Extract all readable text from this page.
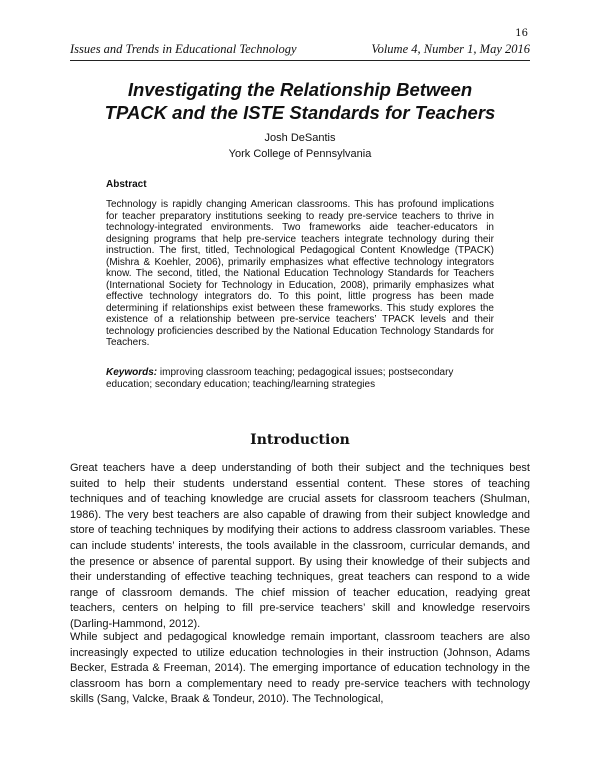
16
Issues and Trends in Educational Technology	Volume 4, Number 1, May 2016
Investigating the Relationship Between
TPACK and the ISTE Standards for Teachers
Josh DeSantis
York College of Pennsylvania
Abstract

Technology is rapidly changing American classrooms. This has profound implications for teacher preparatory institutions seeking to ready pre-service teachers to thrive in technology-integrated environments. Two frameworks aide teacher-educators in designing programs that help pre-service teachers integrate technology during their instruction. The first, titled, Technological Pedagogical Content Knowledge (TPACK) (Mishra & Koehler, 2006), primarily emphasizes what effective technology integrators know. The second, titled, the National Education Technology Standards for Teachers (International Society for Technology in Education, 2008), primarily emphasizes what effective technology integrators do. To this point, little progress has been made determining if relationships exist between these frameworks. This study explores the existence of a relationship between pre-service teachers’ TPACK levels and their technology proficiencies described by the National Education Technology Standards for Teachers.

Keywords: improving classroom teaching; pedagogical issues; postsecondary education; secondary education; teaching/learning strategies

Introduction

Great teachers have a deep understanding of both their subject and the techniques best suited to help their students understand essential content. These stores of teaching techniques and of teaching knowledge are crucial assets for classroom teachers (Shulman, 1986). The very best teachers are also capable of drawing from their subject knowledge and store of teaching techniques by modifying their actions to address classroom variables. These can include students’ interests, the tools available in the classroom, curricular demands, and the presence or absence of parental support. By using their knowledge of their subjects and their understanding of effective teaching techniques, great teachers can respond to a wide range of classroom demands. The chief mission of teacher education, readying great teachers, centers on helping to fill pre-service teachers’ skill and knowledge reservoirs (Darling-Hammond, 2012).

While subject and pedagogical knowledge remain important, classroom teachers are also increasingly expected to utilize education technologies in their instruction (Johnson, Adams Becker, Estrada & Freeman, 2014). The emerging importance of education technology in the classroom has born a complementary need to ready pre-service teachers with technology skills (Sang, Valcke, Braak & Tondeur, 2010). The Technological,
